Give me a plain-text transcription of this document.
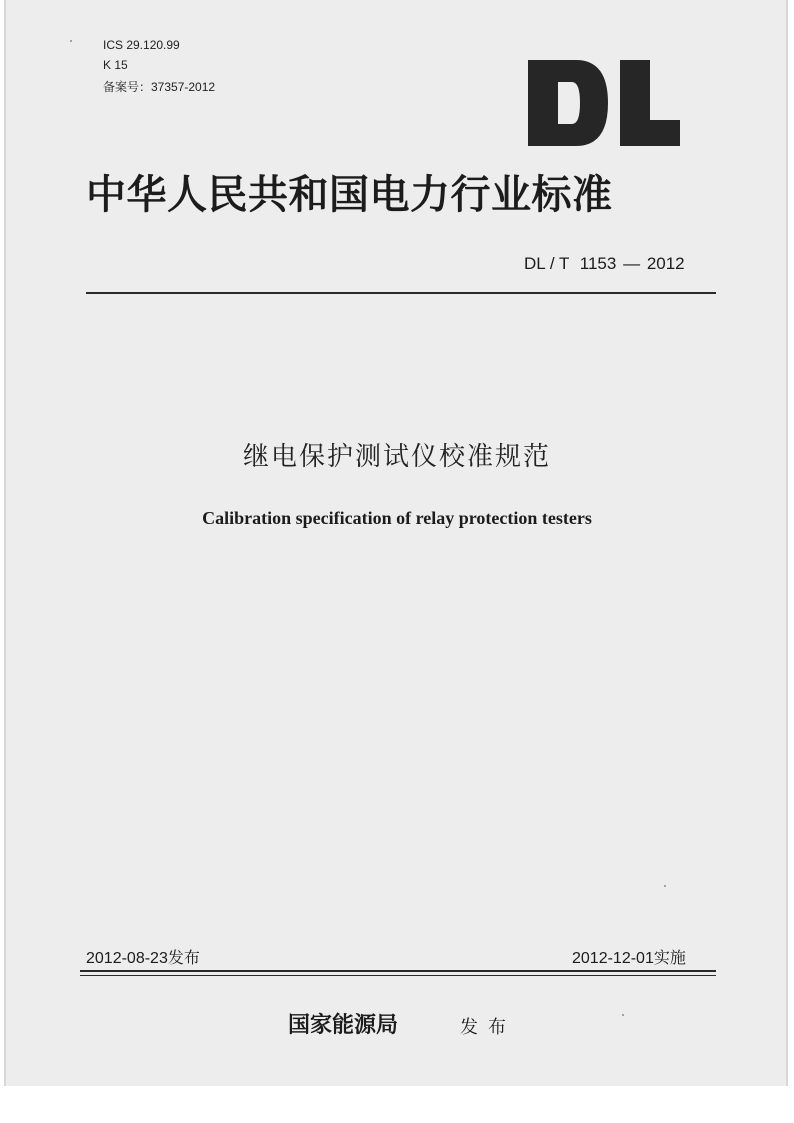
ICS 29.120.99
K 15
备案号：37357-2012
中华人民共和国电力行业标准
DL / T 1153 — 2012
继电保护测试仪校准规范
Calibration specification of relay protection testers
2012-08-23发布	2012-12-01实施
国家能源局	发布
